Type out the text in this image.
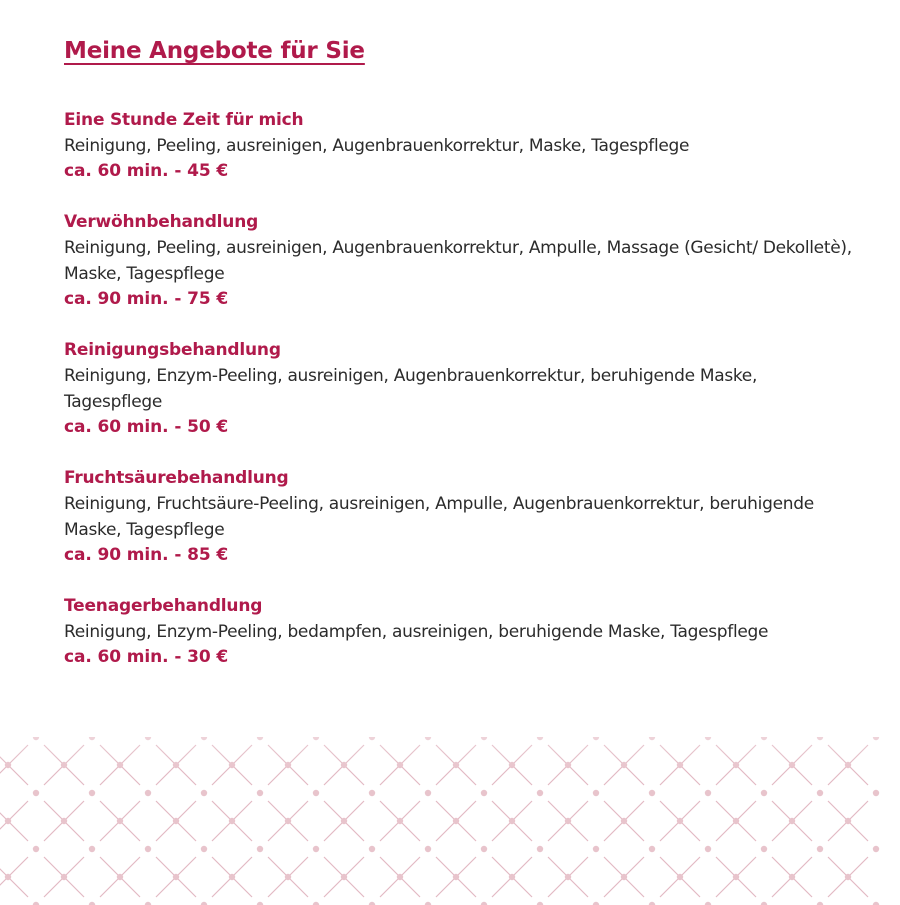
Meine Angebote für Sie
Eine Stunde Zeit für mich
Reinigung, Peeling, ausreinigen, Augenbrauenkorrektur, Maske, Tagespflege
ca. 60 min. - 45 €
Verwöhnbehandlung
Reinigung, Peeling, ausreinigen, Augenbrauenkorrektur, Ampulle, Massage (Gesicht/ Dekolletè), Maske, Tagespflege
ca. 90 min. - 75 €
Reinigungsbehandlung
Reinigung, Enzym-Peeling, ausreinigen, Augenbrauenkorrektur, beruhigende Maske, Tagespflege
ca. 60 min. - 50 €
Fruchtsäurebehandlung
Reinigung, Fruchtsäure-Peeling, ausreinigen, Ampulle, Augenbrauenkorrektur, beruhigende Maske, Tagespflege
ca. 90 min. - 85 €
Teenagerbehandlung
Reinigung, Enzym-Peeling, bedampfen, ausreinigen, beruhigende Maske, Tagespflege
ca. 60 min. - 30 €
